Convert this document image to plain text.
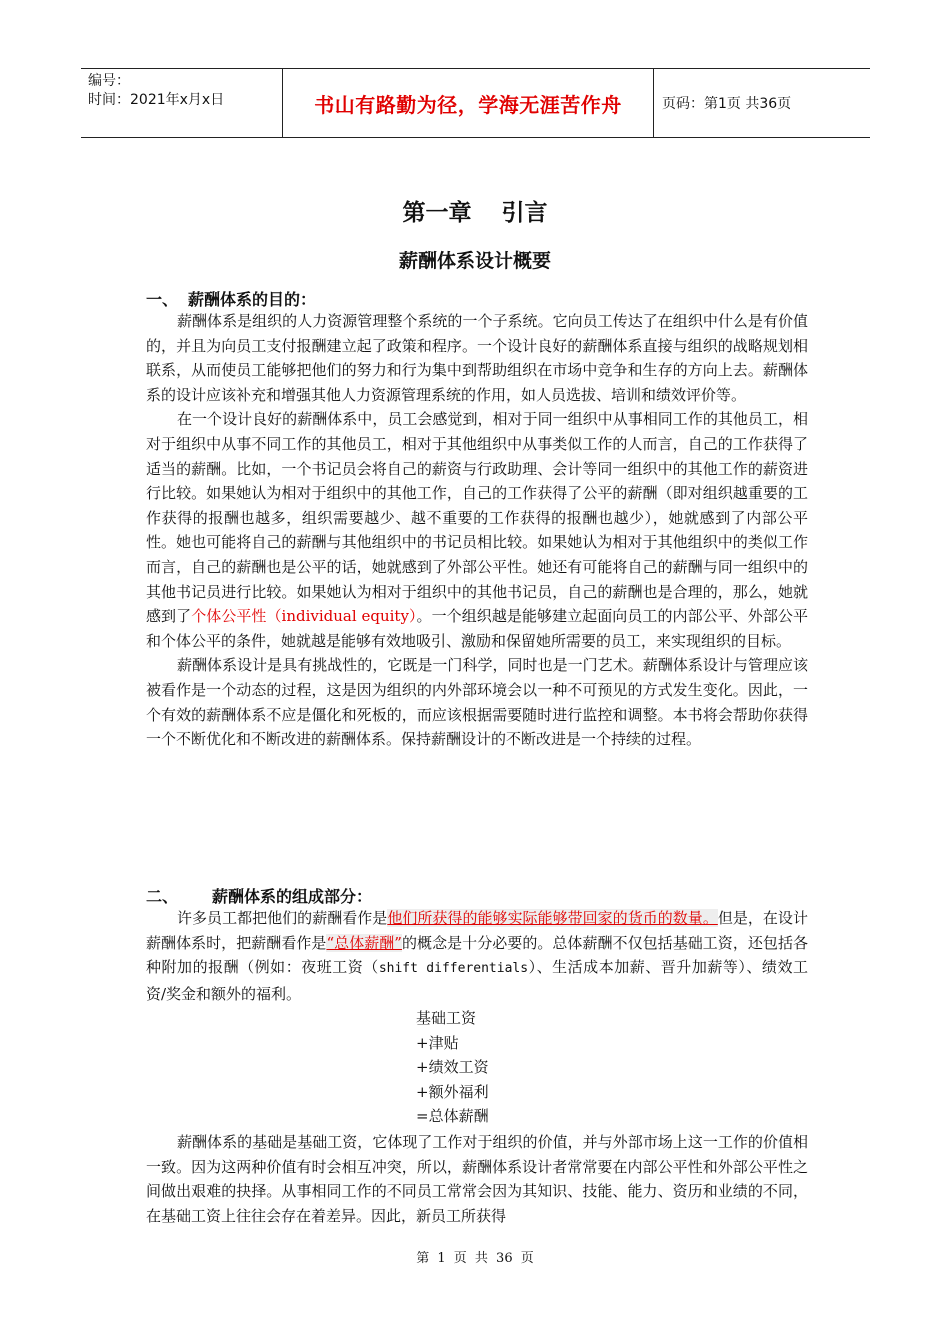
编号：
时间：2021年x月x日	书山有路勤为径，学海无涯苦作舟	页码：第1页 共36页
第一章 引言
薪酬体系设计概要
一、 薪酬体系的目的：

薪酬体系是组织的人力资源管理整个系统的一个子系统。它向员工传达了在组织中什么是有价值的，并且为向员工支付报酬建立起了政策和程序。一个设计良好的薪酬体系直接与组织的战略规划相联系，从而使员工能够把他们的努力和行为集中到帮助组织在市场中竞争和生存的方向上去。薪酬体系的设计应该补充和增强其他人力资源管理系统的作用，如人员选拔、培训和绩效评价等。

在一个设计良好的薪酬体系中，员工会感觉到，相对于同一组织中从事相同工作的其他员工，相对于组织中从事不同工作的其他员工，相对于其他组织中从事类似工作的人而言，自己的工作获得了适当的薪酬。比如，一个书记员会将自己的薪资与行政助理、会计等同一组织中的其他工作的薪资进行比较。如果她认为相对于组织中的其他工作，自己的工作获得了公平的薪酬（即对组织越重要的工作获得的报酬也越多，组织需要越少、越不重要的工作获得的报酬也越少），她就感到了内部公平性。她也可能将自己的薪酬与其他组织中的书记员相比较。如果她认为相对于其他组织中的类似工作而言，自己的薪酬也是公平的话，她就感到了外部公平性。她还有可能将自己的薪酬与同一组织中的其他书记员进行比较。如果她认为相对于组织中的其他书记员，自己的薪酬也是合理的，那么，她就感到了个体公平性（individual equity）。一个组织越是能够建立起面向员工的内部公平、外部公平和个体公平的条件，她就越是能够有效地吸引、激励和保留她所需要的员工，来实现组织的目标。

薪酬体系设计是具有挑战性的，它既是一门科学，同时也是一门艺术。薪酬体系设计与管理应该被看作是一个动态的过程，这是因为组织的内外部环境会以一种不可预见的方式发生变化。因此，一个有效的薪酬体系不应是僵化和死板的，而应该根据需要随时进行监控和调整。本书将会帮助你获得一个不断优化和不断改进的薪酬体系。保持薪酬设计的不断改进是一个持续的过程。

二、 薪酬体系的组成部分：

许多员工都把他们的薪酬看作是他们所获得的能够实际能够带回家的货币的数量。但是，在设计薪酬体系时，把薪酬看作是“总体薪酬”的概念是十分必要的。总体薪酬不仅包括基础工资，还包括各种附加的报酬（例如：夜班工资（shift differentials）、生活成本加薪、晋升加薪等）、绩效工资/奖金和额外的福利。

基础工资
+津贴
+绩效工资
+额外福利
=总体薪酬

薪酬体系的基础是基础工资，它体现了工作对于组织的价值，并与外部市场上这一工作的价值相一致。因为这两种价值有时会相互冲突，所以，薪酬体系设计者常常要在内部公平性和外部公平性之间做出艰难的抉择。从事相同工作的不同员工常常会因为其知识、技能、能力、资历和业绩的不同，在基础工资上往往会存在着差异。因此，新员工所获得

第 1 页 共 36 页
